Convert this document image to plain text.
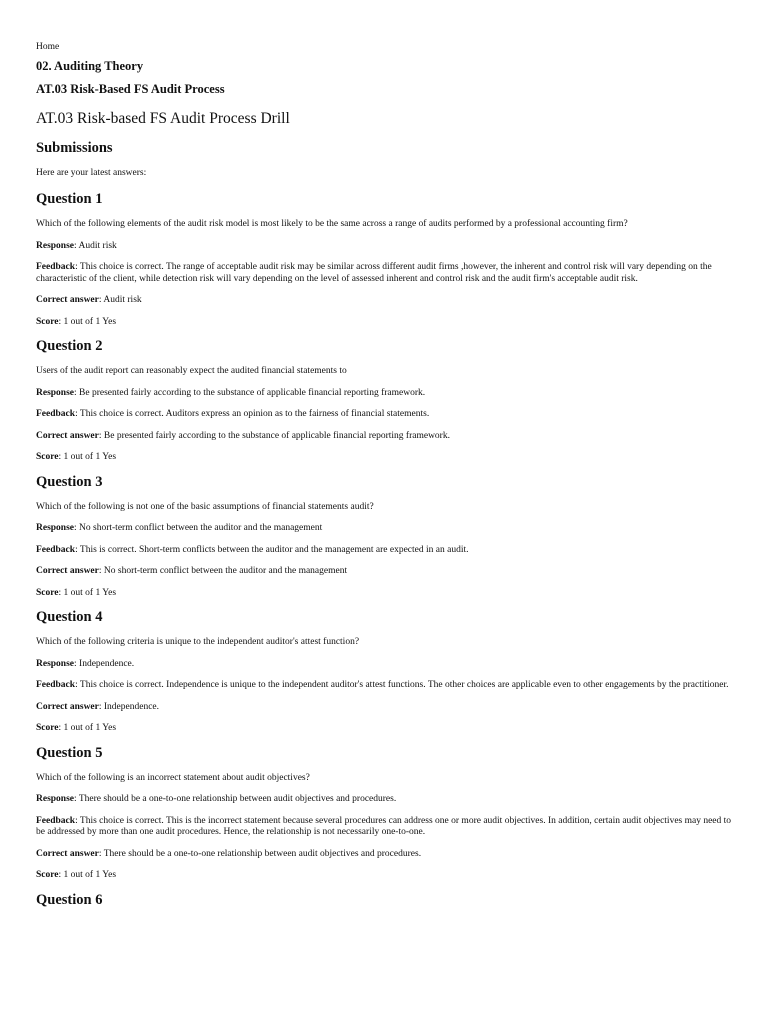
Home
02. Auditing Theory
AT.03 Risk-Based FS Audit Process
AT.03 Risk-based FS Audit Process Drill
Submissions

Here are your latest answers:

Question 1

Which of the following elements of the audit risk model is most likely to be the same across a range of audits performed by a professional accounting firm?

Response: Audit risk

Feedback: This choice is correct. The range of acceptable audit risk may be similar across different audit firms ,however, the inherent and control risk will vary depending on the characteristic of the client, while detection risk will vary depending on the level of assessed inherent and control risk and the audit firm's acceptable audit risk.

Correct answer: Audit risk

Score: 1 out of 1 Yes

Question 2

Users of the audit report can reasonably expect the audited financial statements to

Response: Be presented fairly according to the substance of applicable financial reporting framework.

Feedback: This choice is correct. Auditors express an opinion as to the fairness of financial statements.

Correct answer: Be presented fairly according to the substance of applicable financial reporting framework.

Score: 1 out of 1 Yes

Question 3

Which of the following is not one of the basic assumptions of financial statements audit?

Response: No short-term conflict between the auditor and the management

Feedback: This is correct. Short-term conflicts between the auditor and the management are expected in an audit.

Correct answer: No short-term conflict between the auditor and the management

Score: 1 out of 1 Yes

Question 4

Which of the following criteria is unique to the independent auditor's attest function?

Response: Independence.

Feedback: This choice is correct. Independence is unique to the independent auditor's attest functions. The other choices are applicable even to other engagements by the practitioner.

Correct answer: Independence.

Score: 1 out of 1 Yes

Question 5

Which of the following is an incorrect statement about audit objectives?

Response: There should be a one-to-one relationship between audit objectives and procedures.

Feedback: This choice is correct. This is the incorrect statement because several procedures can address one or more audit objectives. In addition, certain audit objectives may need to be addressed by more than one audit procedures. Hence, the relationship is not necessarily one-to-one.

Correct answer: There should be a one-to-one relationship between audit objectives and procedures.

Score: 1 out of 1 Yes

Question 6
